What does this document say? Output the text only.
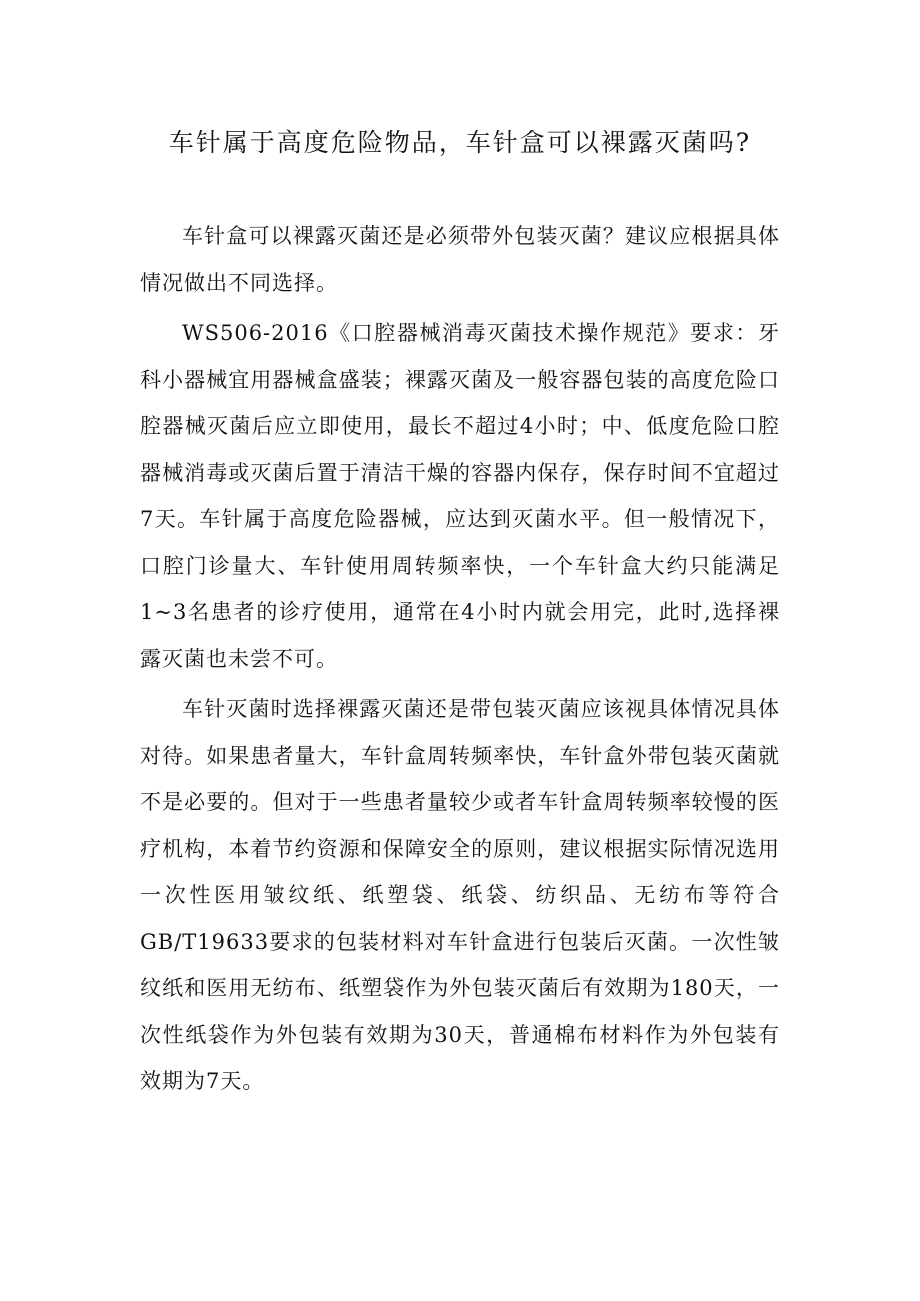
车针属于高度危险物品，车针盒可以裸露灭菌吗?

车针盒可以裸露灭菌还是必须带外包装灭菌？建议应根据具体情况做出不同选择。

WS506-2016《口腔器械消毒灭菌技术操作规范》要求：牙科小器械宜用器械盒盛装；裸露灭菌及一般容器包装的高度危险口腔器械灭菌后应立即使用，最长不超过4小时；中、低度危险口腔器械消毒或灭菌后置于清洁干燥的容器内保存，保存时间不宜超过7天。车针属于高度危险器械，应达到灭菌水平。但一般情况下，口腔门诊量大、车针使用周转频率快，一个车针盒大约只能满足1~3名患者的诊疗使用，通常在4小时内就会用完，此时,选择裸露灭菌也未尝不可。

车针灭菌时选择裸露灭菌还是带包装灭菌应该视具体情况具体对待。如果患者量大，车针盒周转频率快，车针盒外带包装灭菌就不是必要的。但对于一些患者量较少或者车针盒周转频率较慢的医疗机构，本着节约资源和保障安全的原则，建议根据实际情况选用一次性医用皱纹纸、纸塑袋、纸袋、纺织品、无纺布等符合GB/T19633要求的包装材料对车针盒进行包装后灭菌。一次性皱纹纸和医用无纺布、纸塑袋作为外包装灭菌后有效期为180天，一次性纸袋作为外包装有效期为30天，普通棉布材料作为外包装有效期为7天。
